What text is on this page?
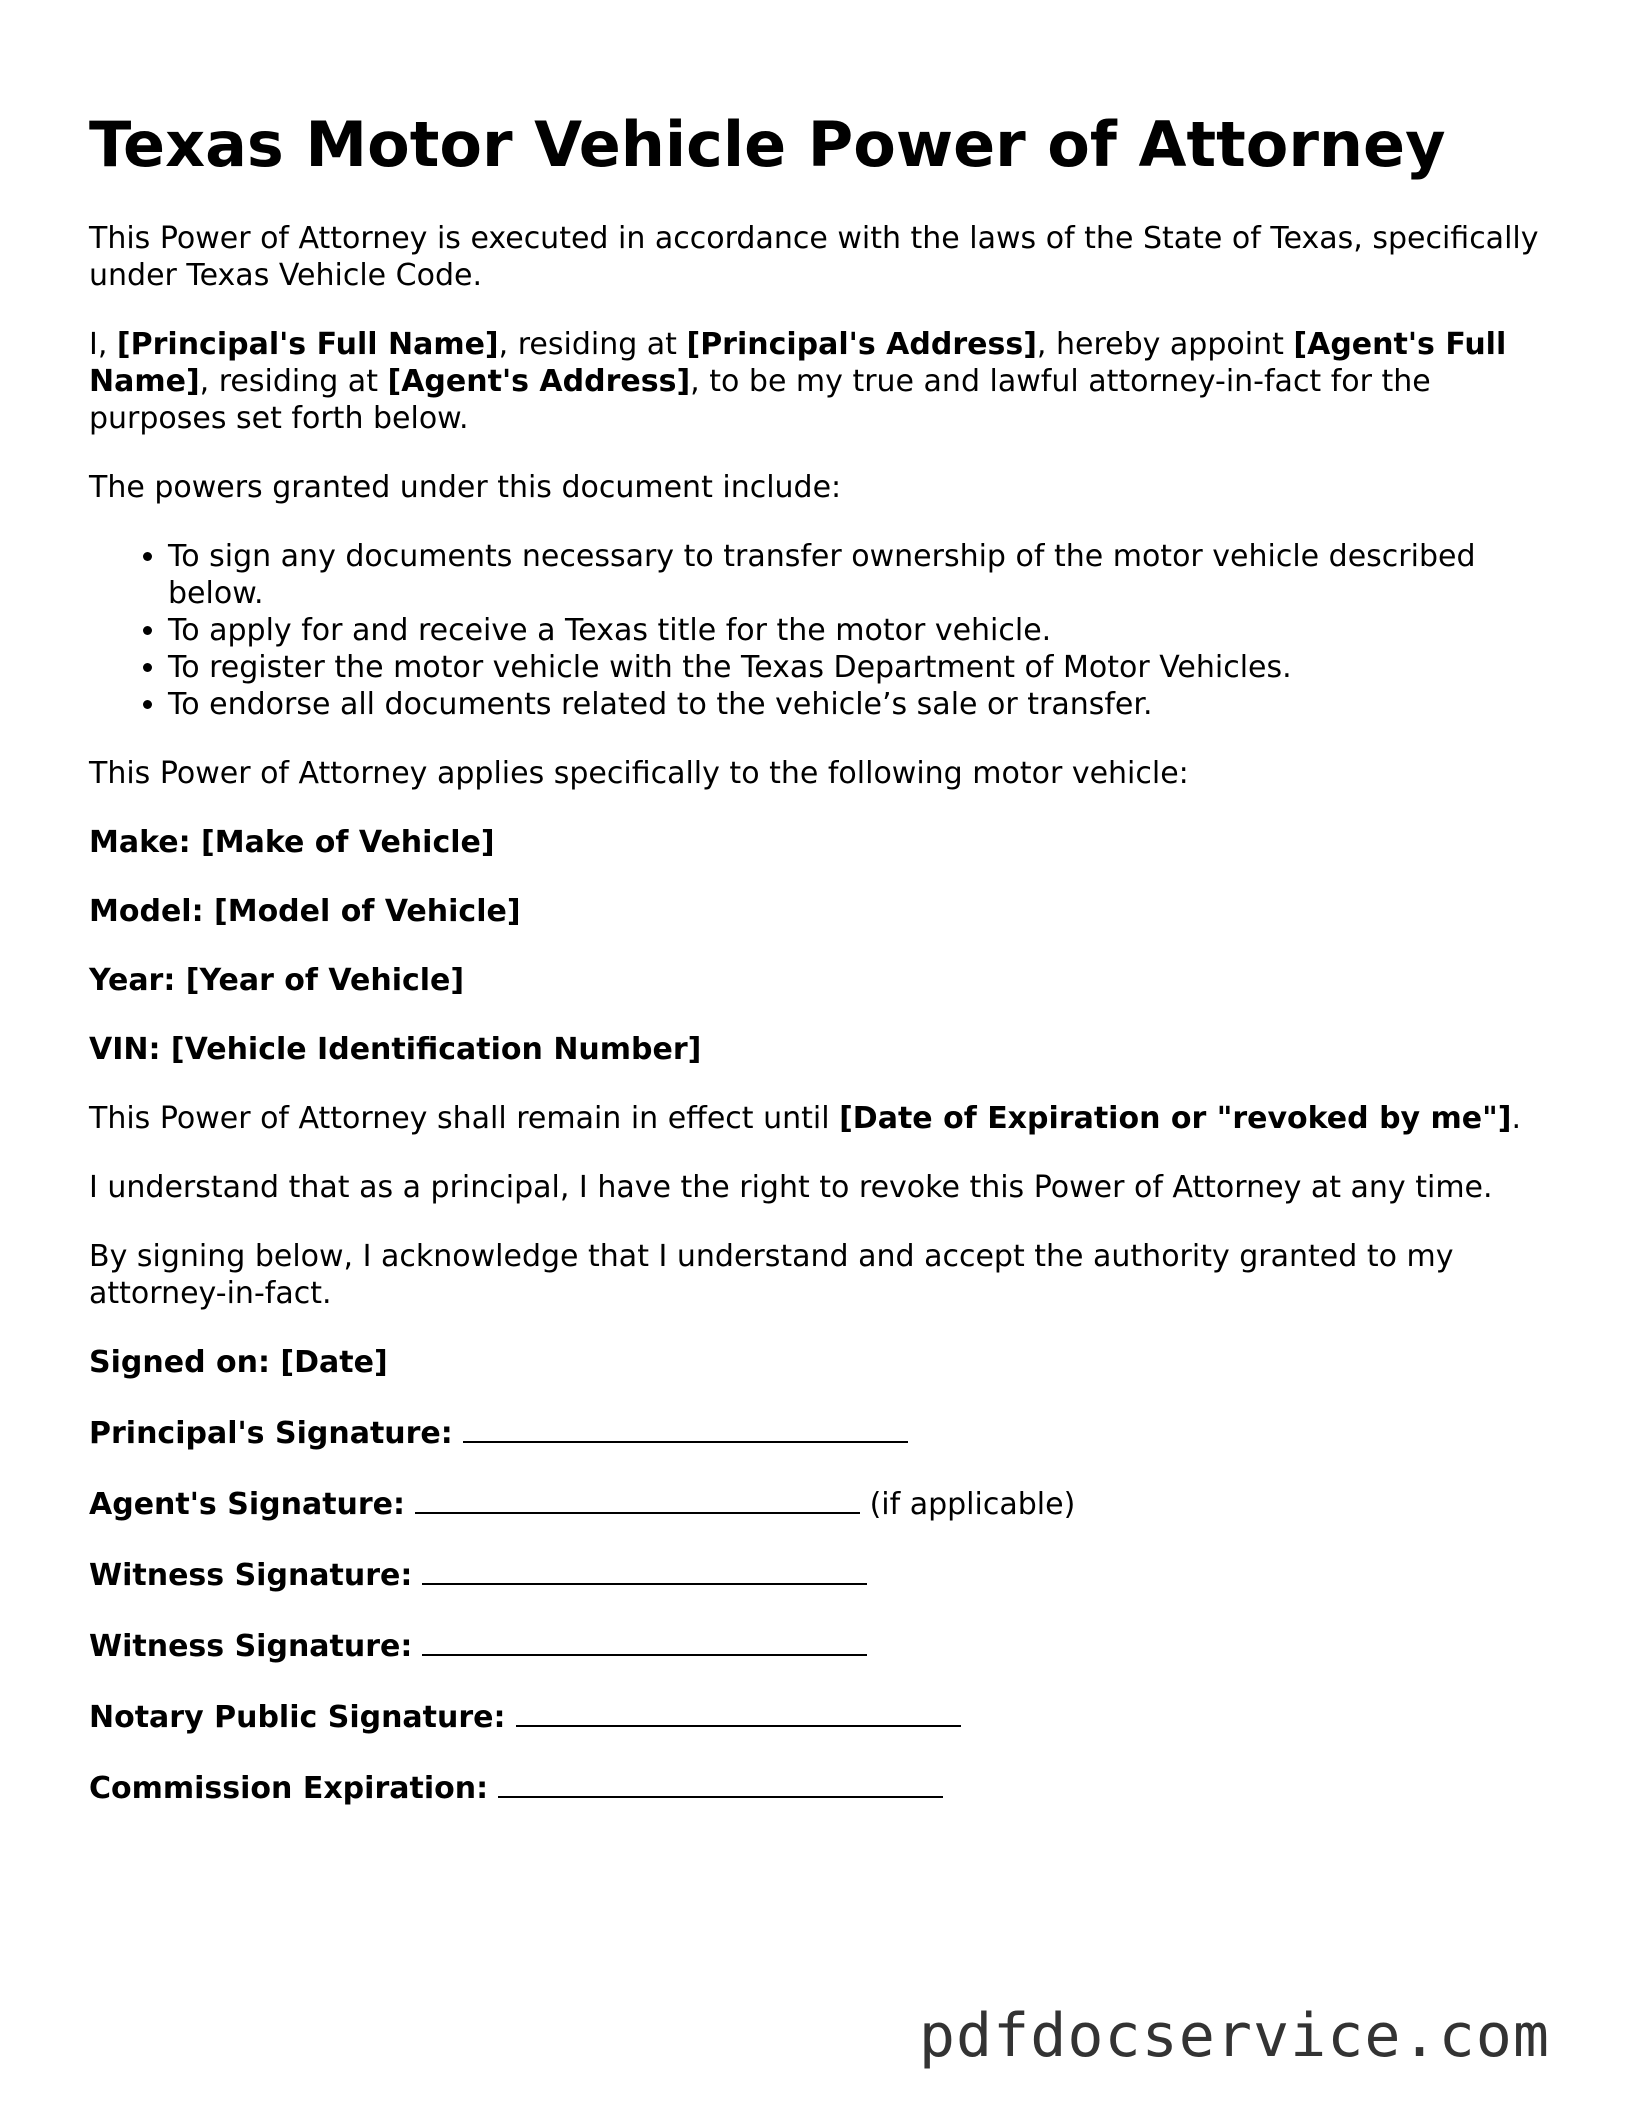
Texas Motor Vehicle Power of Attorney

This Power of Attorney is executed in accordance with the laws of the State of Texas, specifically under Texas Vehicle Code.

I, [Principal's Full Name], residing at [Principal's Address], hereby appoint [Agent's Full Name], residing at [Agent's Address], to be my true and lawful attorney-in-fact for the purposes set forth below.

The powers granted under this document include:

• To sign any documents necessary to transfer ownership of the motor vehicle described below.
• To apply for and receive a Texas title for the motor vehicle.
• To register the motor vehicle with the Texas Department of Motor Vehicles.
• To endorse all documents related to the vehicle’s sale or transfer.

This Power of Attorney applies specifically to the following motor vehicle:

Make: [Make of Vehicle]
Model: [Model of Vehicle]
Year: [Year of Vehicle]
VIN: [Vehicle Identification Number]

This Power of Attorney shall remain in effect until [Date of Expiration or "revoked by me"].

I understand that as a principal, I have the right to revoke this Power of Attorney at any time.

By signing below, I acknowledge that I understand and accept the authority granted to my attorney-in-fact.

Signed on: [Date]
Principal's Signature:
Agent's Signature:	(if applicable)
Witness Signature:
Witness Signature:
Notary Public Signature:
Commission Expiration:
pdfdocservice.com
